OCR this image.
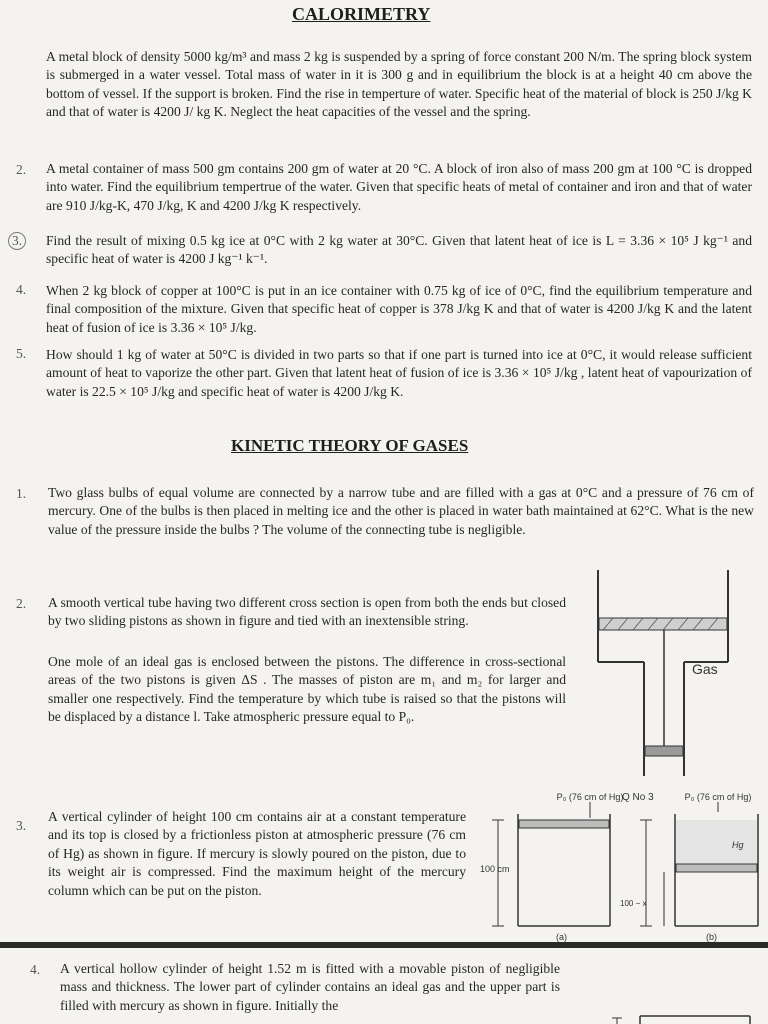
CALORIMETRY
A metal block of density 5000 kg/m³ and mass 2 kg is suspended by a spring of force constant 200 N/m. The spring block system is submerged in a water vessel. Total mass of water in it is 300 g and in equilibrium the block is at a height 40 cm above the bottom of vessel. If the support is broken. Find the rise in temperture of water. Specific heat of the material of block is 250 J/kg K and that of water is 4200 J/ kg K. Neglect the heat capacities of the vessel and the spring.
2. A metal container of mass 500 gm contains 200 gm of water at 20 °C. A block of iron also of mass 200 gm at 100 °C is dropped into water. Find the equilibrium tempertrue of the water. Given that specific heats of metal of container and iron and that of water are 910 J/kg-K, 470 J/kg, K and 4200 J/kg K respectively.
3. Find the result of mixing 0.5 kg ice at 0°C with 2 kg water at 30°C. Given that latent heat of ice is L = 3.36 × 10⁵ J kg⁻¹ and specific heat of water is 4200 J kg⁻¹ k⁻¹.
4. When 2 kg block of copper at 100°C is put in an ice container with 0.75 kg of ice of 0°C, find the equilibrium temperature and final composition of the mixture. Given that specific heat of copper is 378 J/kg K and that of water is 4200 J/kg K and the latent heat of fusion of ice is 3.36 × 10⁵ J/kg.
5. How should 1 kg of water at 50°C is divided in two parts so that if one part is turned into ice at 0°C, it would release sufficient amount of heat to vaporize the other part. Given that latent heat of fusion of ice is 3.36 × 10⁵ J/kg , latent heat of vapourization of water is 22.5 × 10⁵ J/kg and specific heat of water is 4200 J/kg K.
KINETIC THEORY OF GASES
1. Two glass bulbs of equal volume are connected by a narrow tube and are filled with a gas at 0°C and a pressure of 76 cm of mercury. One of the bulbs is then placed in melting ice and the other is placed in water bath maintained at 62°C. What is the new value of the pressure inside the bulbs ? The volume of the connecting tube is negligible.
2. A smooth vertical tube having two different cross section is open from both the ends but closed by two sliding pistons as shown in figure and tied with an inextensible string.
One mole of an ideal gas is enclosed between the pistons. The difference in cross-sectional areas of the two pistons is given ΔS . The masses of piston are m₁ and m₂ for larger and smaller one respectively. Find the temperature by which tube is raised so that the pistons will be displaced by a distance l. Take atmospheric pressure equal to P₀.
Gas
3.
A vertical cylinder of height 100 cm contains air at a constant temperature and its top is closed by a frictionless piston at atmospheric pressure (76 cm of Hg) as shown in figure. If mercury is slowly poured on the piston, due to its weight air is compressed. Find the maximum height of the mercury column which can be put on the piston.
P₀ (76 cm of Hg)
100 cm
(a)
Q No 3	P₀ (76 cm of Hg)
Hg
100 − x
(b)
4. A vertical hollow cylinder of height 1.52 m is fitted with a movable piston of negligible mass and thickness. The lower part of cylinder contains an ideal gas and the upper part is filled with mercury as shown in figure. Initially the
